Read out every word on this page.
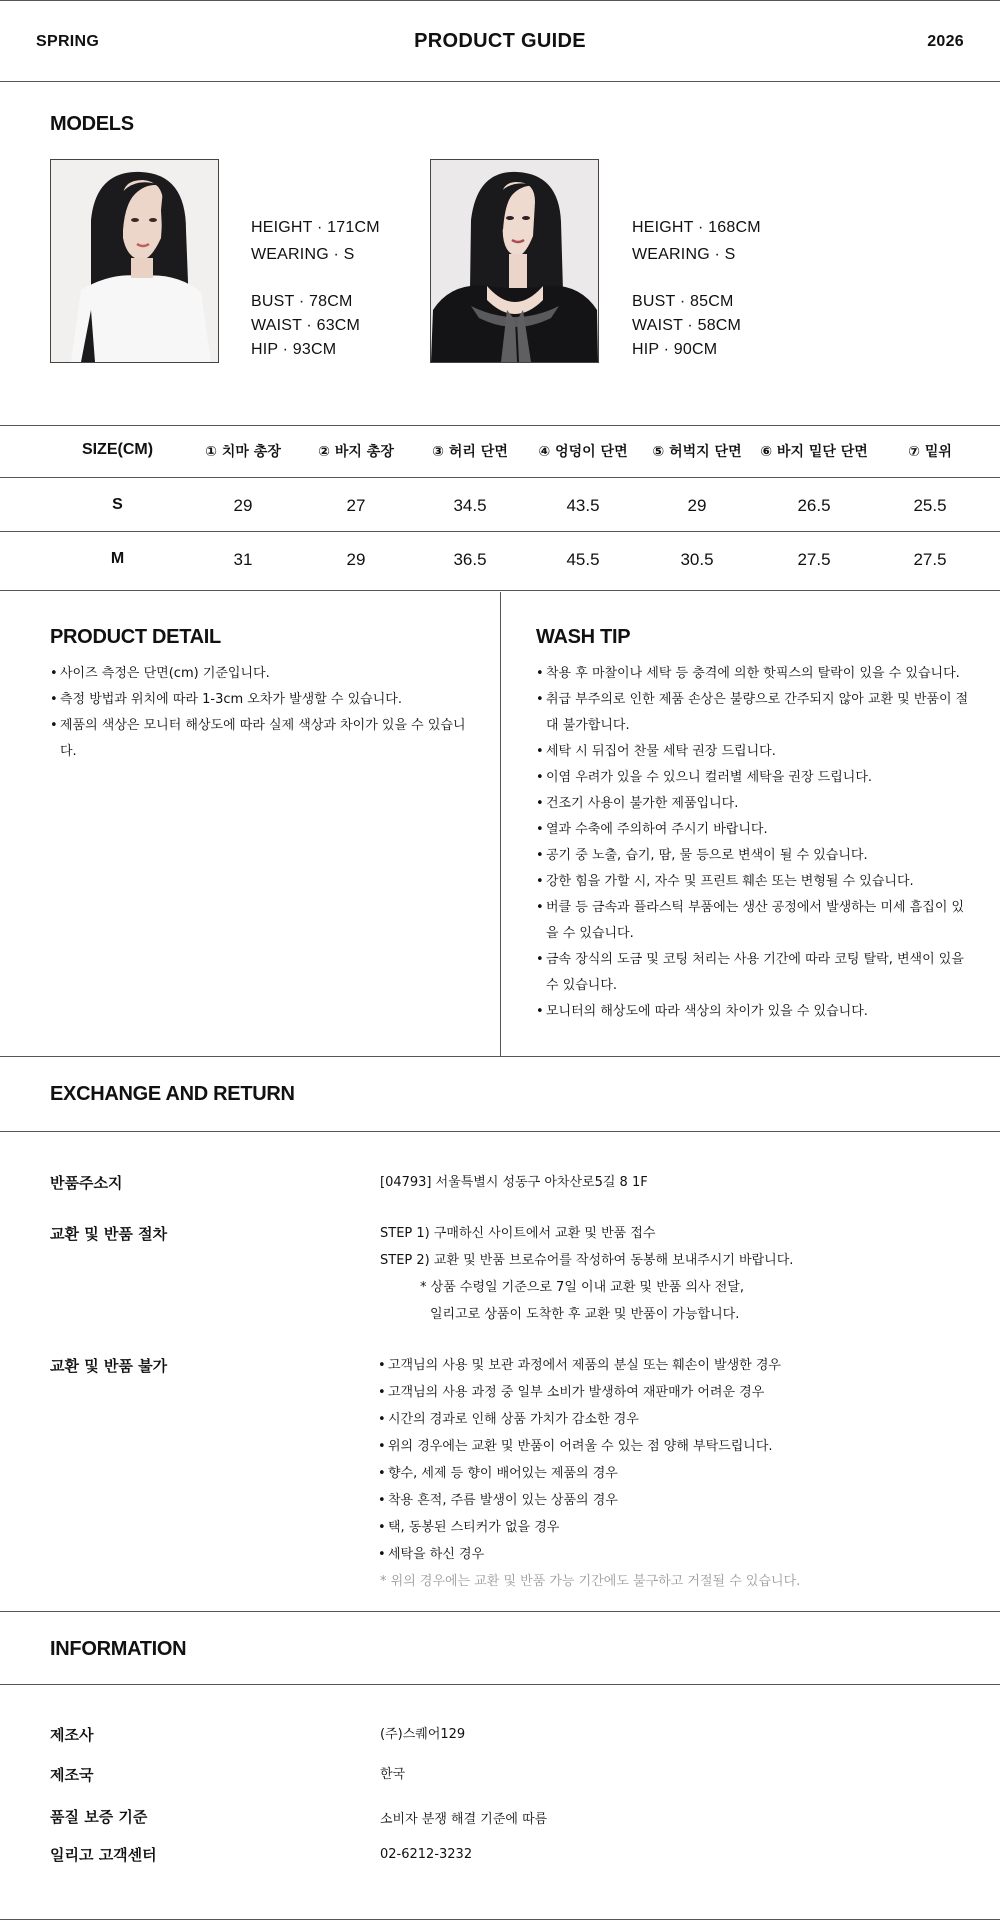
SPRING	PRODUCT GUIDE	2026
MODELS
HEIGHT · 171CM
WEARING · S
BUST · 78CM
WAIST · 63CM
HIP · 93CM
HEIGHT · 168CM
WEARING · S
BUST · 85CM
WAIST · 58CM
HIP · 90CM
SIZE(CM)	① 치마 총장	② 바지 총장	③ 허리 단면	④ 엉덩이 단면	⑤ 허벅지 단면	⑥ 바지 밑단 단면	⑦ 밑위
S	29	27	34.5	43.5	29	26.5	25.5
M	31	29	36.5	45.5	30.5	27.5	27.5
PRODUCT DETAIL
• 사이즈 측정은 단면(cm) 기준입니다.
• 측정 방법과 위치에 따라 1-3cm 오차가 발생할 수 있습니다.
• 제품의 색상은 모니터 해상도에 따라 실제 색상과 차이가 있을 수 있습니다.
WASH TIP
• 착용 후 마찰이나 세탁 등 충격에 의한 핫픽스의 탈락이 있을 수 있습니다.
• 취급 부주의로 인한 제품 손상은 불량으로 간주되지 않아 교환 및 반품이 절대 불가합니다.
• 세탁 시 뒤집어 찬물 세탁 권장 드립니다.
• 이염 우려가 있을 수 있으니 컬러별 세탁을 권장 드립니다.
• 건조기 사용이 불가한 제품입니다.
• 열과 수축에 주의하여 주시기 바랍니다.
• 공기 중 노출, 습기, 땀, 물 등으로 변색이 될 수 있습니다.
• 강한 힘을 가할 시, 자수 및 프린트 훼손 또는 변형될 수 있습니다.
• 버클 등 금속과 플라스틱 부품에는 생산 공정에서 발생하는 미세 흠집이 있을 수 있습니다.
• 금속 장식의 도금 및 코팅 처리는 사용 기간에 따라 코팅 탈락, 변색이 있을 수 있습니다.
• 모니터의 해상도에 따라 색상의 차이가 있을 수 있습니다.
EXCHANGE AND RETURN
반품주소지	[04793] 서울특별시 성동구 아차산로5길 8 1F
교환 및 반품 절차	STEP 1) 구매하신 사이트에서 교환 및 반품 접수
STEP 2) 교환 및 반품 브로슈어를 작성하여 동봉해 보내주시기 바랍니다.
* 상품 수령일 기준으로 7일 이내 교환 및 반품 의사 전달,
일리고로 상품이 도착한 후 교환 및 반품이 가능합니다.
교환 및 반품 불가
•	고객님의 사용 및 보관 과정에서 제품의 분실 또는 훼손이 발생한 경우
• 고객님의 사용 과정 중 일부 소비가 발생하여 재판매가 어려운 경우
• 시간의 경과로 인해 상품 가치가 감소한 경우
• 위의 경우에는 교환 및 반품이 어려울 수 있는 점 양해 부탁드립니다.
• 향수, 세제 등 향이 배어있는 제품의 경우
• 착용 흔적, 주름 발생이 있는 상품의 경우
• 택, 동봉된 스티커가 없을 경우
• 세탁을 하신 경우
* 위의 경우에는 교환 및 반품 가능 기간에도 불구하고 거절될 수 있습니다.
INFORMATION
제조사	(주)스퀘어129
제조국	한국
품질 보증 기준	소비자 분쟁 해결 기준에 따름
일리고 고객센터	02-6212-3232
